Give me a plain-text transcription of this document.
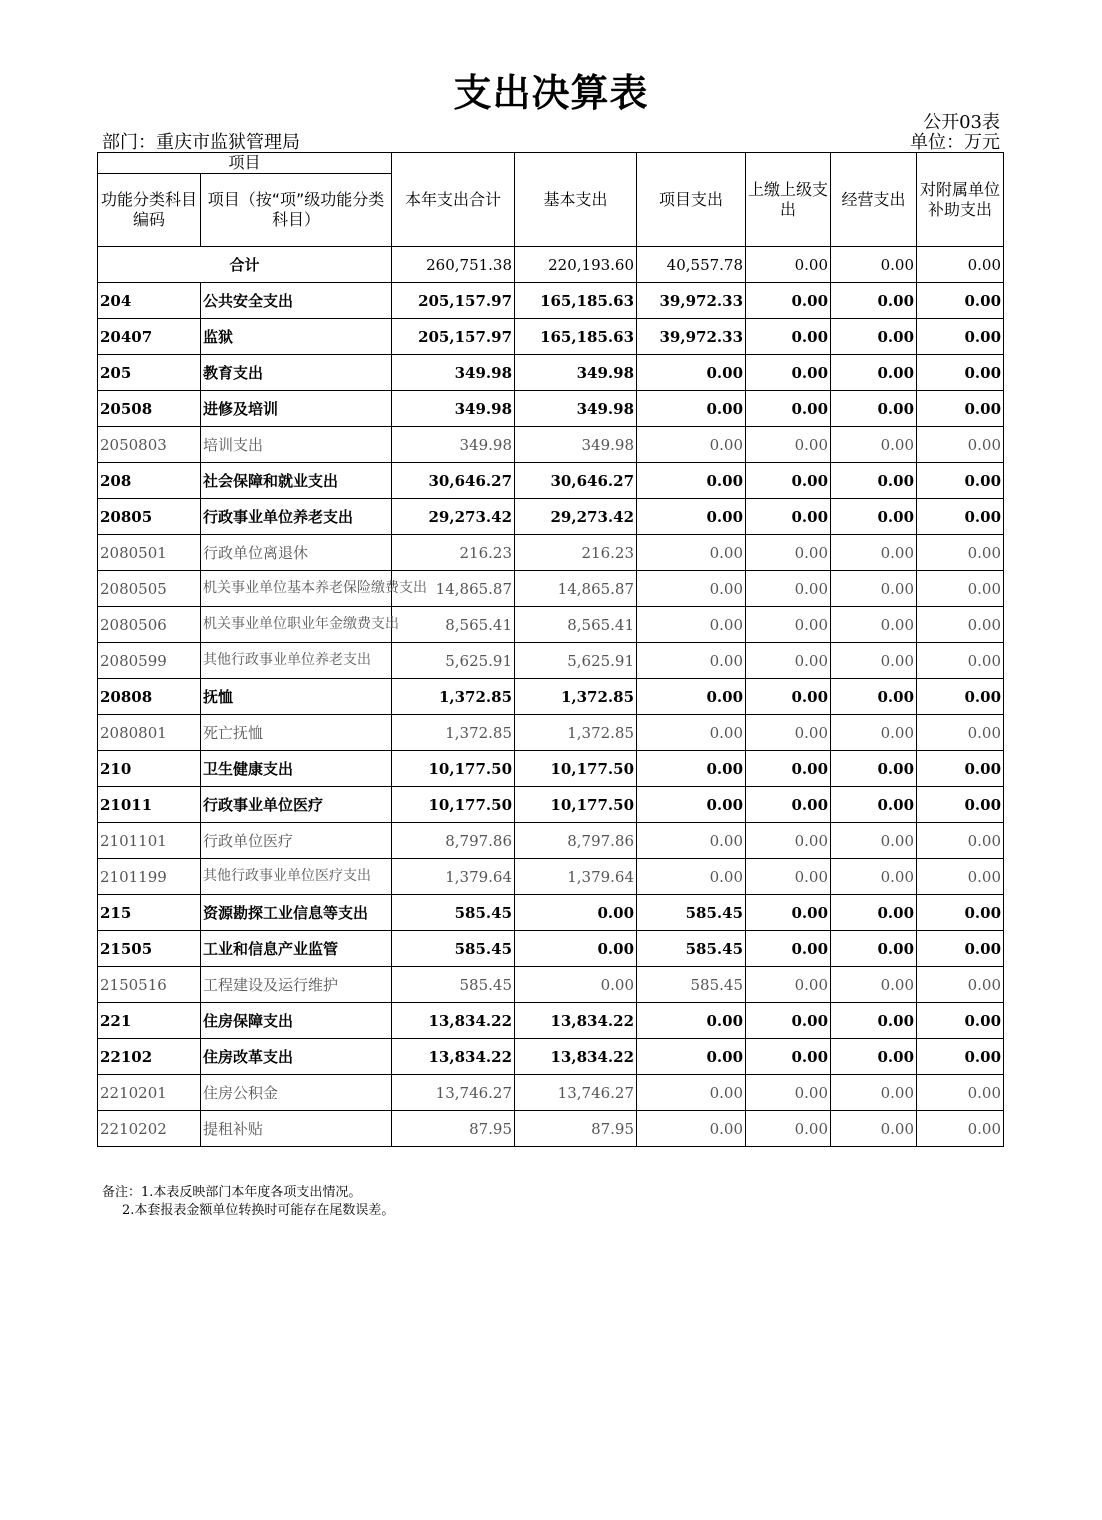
支出决算表
公开03表
部门：重庆市监狱管理局	单位：万元
项目		本年支出合计	基本支出	项目支出	上缴上级支出	经营支出	对附属单位补助支出
功能分类科目编码	项目（按“项”级功能分类科目）						
合计		260,751.38	220,193.60	40,557.78	0.00	0.00	0.00
204	公共安全支出	205,157.97	165,185.63	39,972.33	0.00	0.00	0.00
20407	监狱	205,157.97	165,185.63	39,972.33	0.00	0.00	0.00
205	教育支出	349.98	349.98	0.00	0.00	0.00	0.00
20508	进修及培训	349.98	349.98	0.00	0.00	0.00	0.00
2050803	培训支出	349.98	349.98	0.00	0.00	0.00	0.00
208	社会保障和就业支出	30,646.27	30,646.27	0.00	0.00	0.00	0.00
20805	行政事业单位养老支出	29,273.42	29,273.42	0.00	0.00	0.00	0.00
2080501	行政单位离退休	216.23	216.23	0.00	0.00	0.00	0.00
2080505	机关事业单位基本养老保险缴费支出	14,865.87	14,865.87	0.00	0.00	0.00	0.00
2080506	机关事业单位职业年金缴费支出	8,565.41	8,565.41	0.00	0.00	0.00	0.00
2080599	其他行政事业单位养老支出	5,625.91	5,625.91	0.00	0.00	0.00	0.00
20808	抚恤	1,372.85	1,372.85	0.00	0.00	0.00	0.00
2080801	死亡抚恤	1,372.85	1,372.85	0.00	0.00	0.00	0.00
210	卫生健康支出	10,177.50	10,177.50	0.00	0.00	0.00	0.00
21011	行政事业单位医疗	10,177.50	10,177.50	0.00	0.00	0.00	0.00
2101101	行政单位医疗	8,797.86	8,797.86	0.00	0.00	0.00	0.00
2101199	其他行政事业单位医疗支出	1,379.64	1,379.64	0.00	0.00	0.00	0.00
215	资源勘探工业信息等支出	585.45	0.00	585.45	0.00	0.00	0.00
21505	工业和信息产业监管	585.45	0.00	585.45	0.00	0.00	0.00
2150516	工程建设及运行维护	585.45	0.00	585.45	0.00	0.00	0.00
221	住房保障支出	13,834.22	13,834.22	0.00	0.00	0.00	0.00
22102	住房改革支出	13,834.22	13,834.22	0.00	0.00	0.00	0.00
2210201	住房公积金	13,746.27	13,746.27	0.00	0.00	0.00	0.00
2210202	提租补贴	87.95	87.95	0.00	0.00	0.00	0.00
备注：1.本表反映部门本年度各项支出情况。
2.本套报表金额单位转换时可能存在尾数误差。
